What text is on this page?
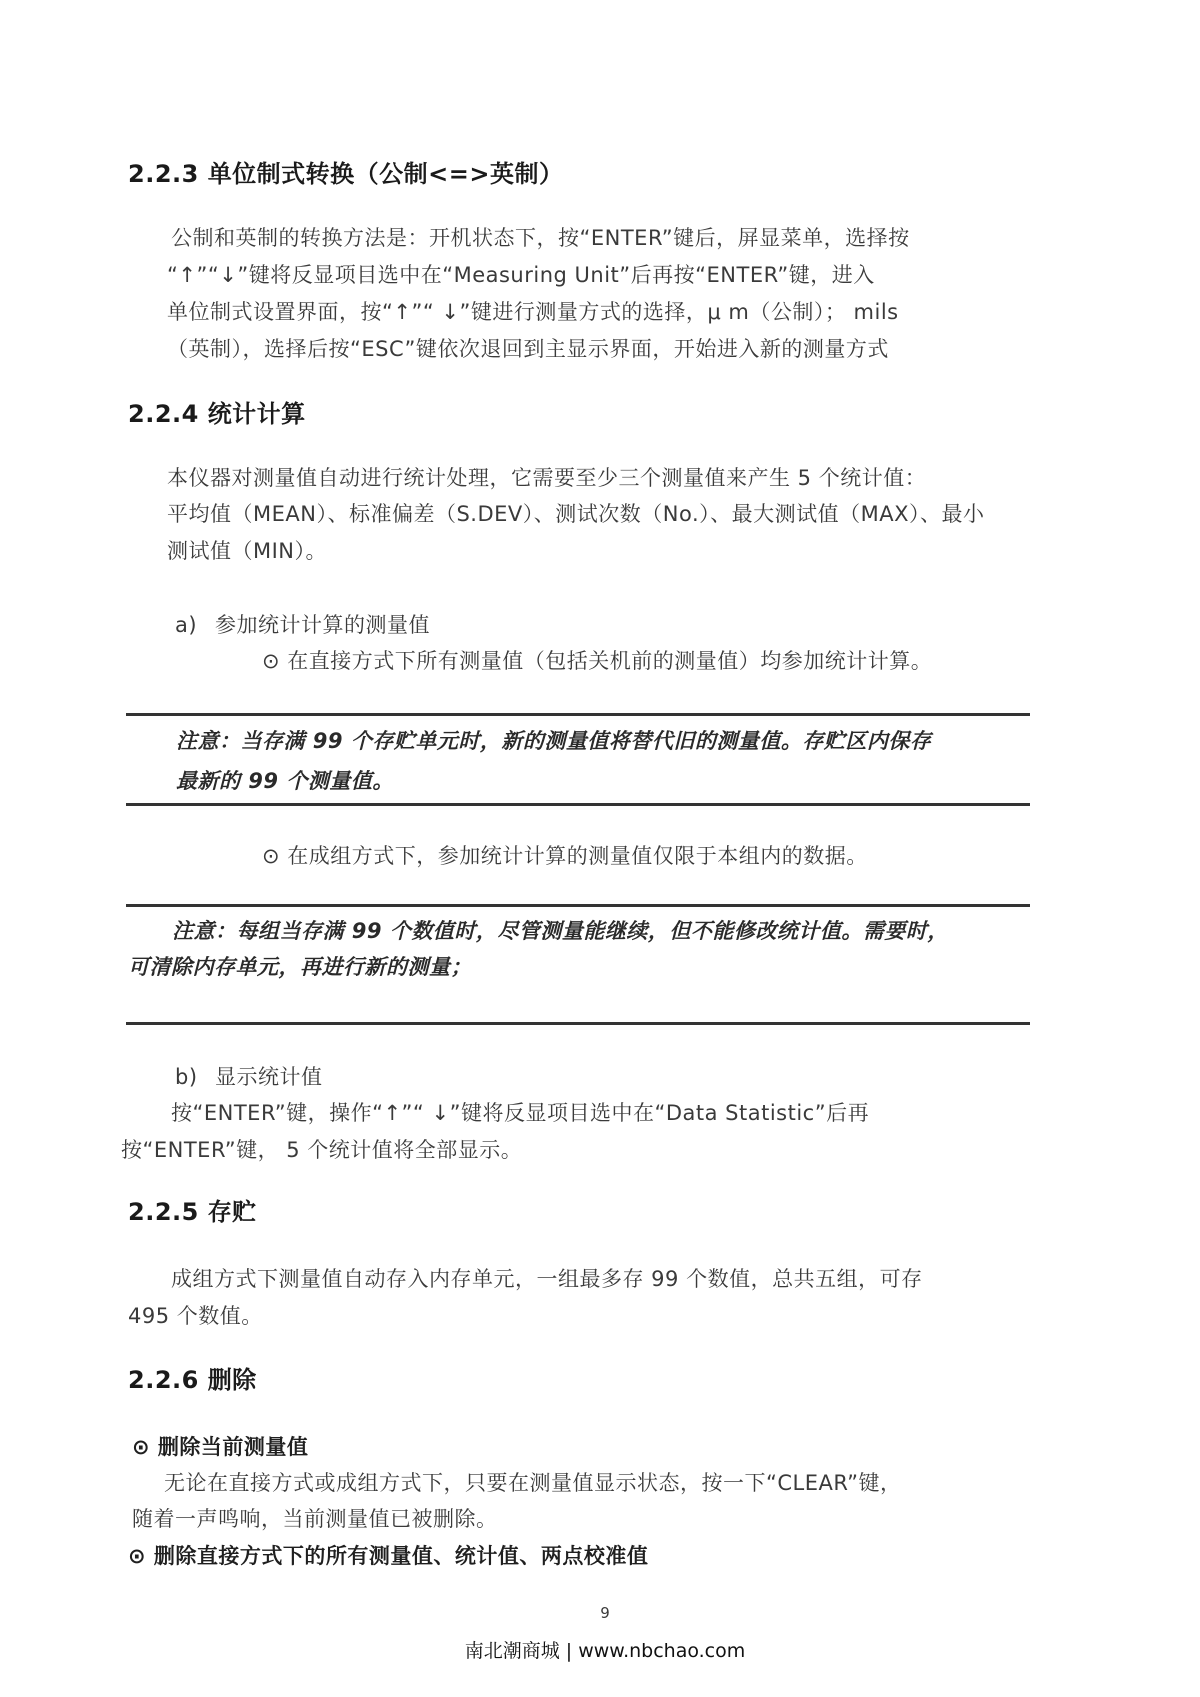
2.2.3 单位制式转换（公制<=>英制）
公制和英制的转换方法是：开机状态下，按“ENTER”键后，屏显菜单，选择按
“↑”“↓”键将反显项目选中在“Measuring Unit”后再按“ENTER”键，进入
单位制式设置界面，按“↑”“ ↓”键进行测量方式的选择，μ m（公制）； mils
（英制），选择后按“ESC”键依次退回到主显示界面，开始进入新的测量方式
2.2.4 统计计算
本仪器对测量值自动进行统计处理，它需要至少三个测量值来产生 5 个统计值：
平均值（MEAN）、标准偏差（S.DEV）、测试次数（No.）、最大测试值（MAX）、最小
测试值（MIN）。
a) 参加统计计算的测量值
⊙ 在直接方式下所有测量值（包括关机前的测量值）均参加统计计算。
注意：当存满 99 个存贮单元时，新的测量值将替代旧的测量值。存贮区内保存
最新的 99 个测量值。
⊙ 在成组方式下，参加统计计算的测量值仅限于本组内的数据。
注意：每组当存满 99 个数值时，尽管测量能继续，但不能修改统计值。需要时，
可清除内存单元，再进行新的测量；
b) 显示统计值
按“ENTER”键，操作“↑”“ ↓”键将反显项目选中在“Data Statistic”后再
按“ENTER”键， 5 个统计值将全部显示。
2.2.5 存贮
成组方式下测量值自动存入内存单元，一组最多存 99 个数值，总共五组，可存
495 个数值。
2.2.6 删除
⊙ 删除当前测量值
无论在直接方式或成组方式下，只要在测量值显示状态，按一下“CLEAR”键，
随着一声鸣响，当前测量值已被删除。
⊙ 删除直接方式下的所有测量值、统计值、两点校准值
9
南北潮商城 | www.nbchao.com
